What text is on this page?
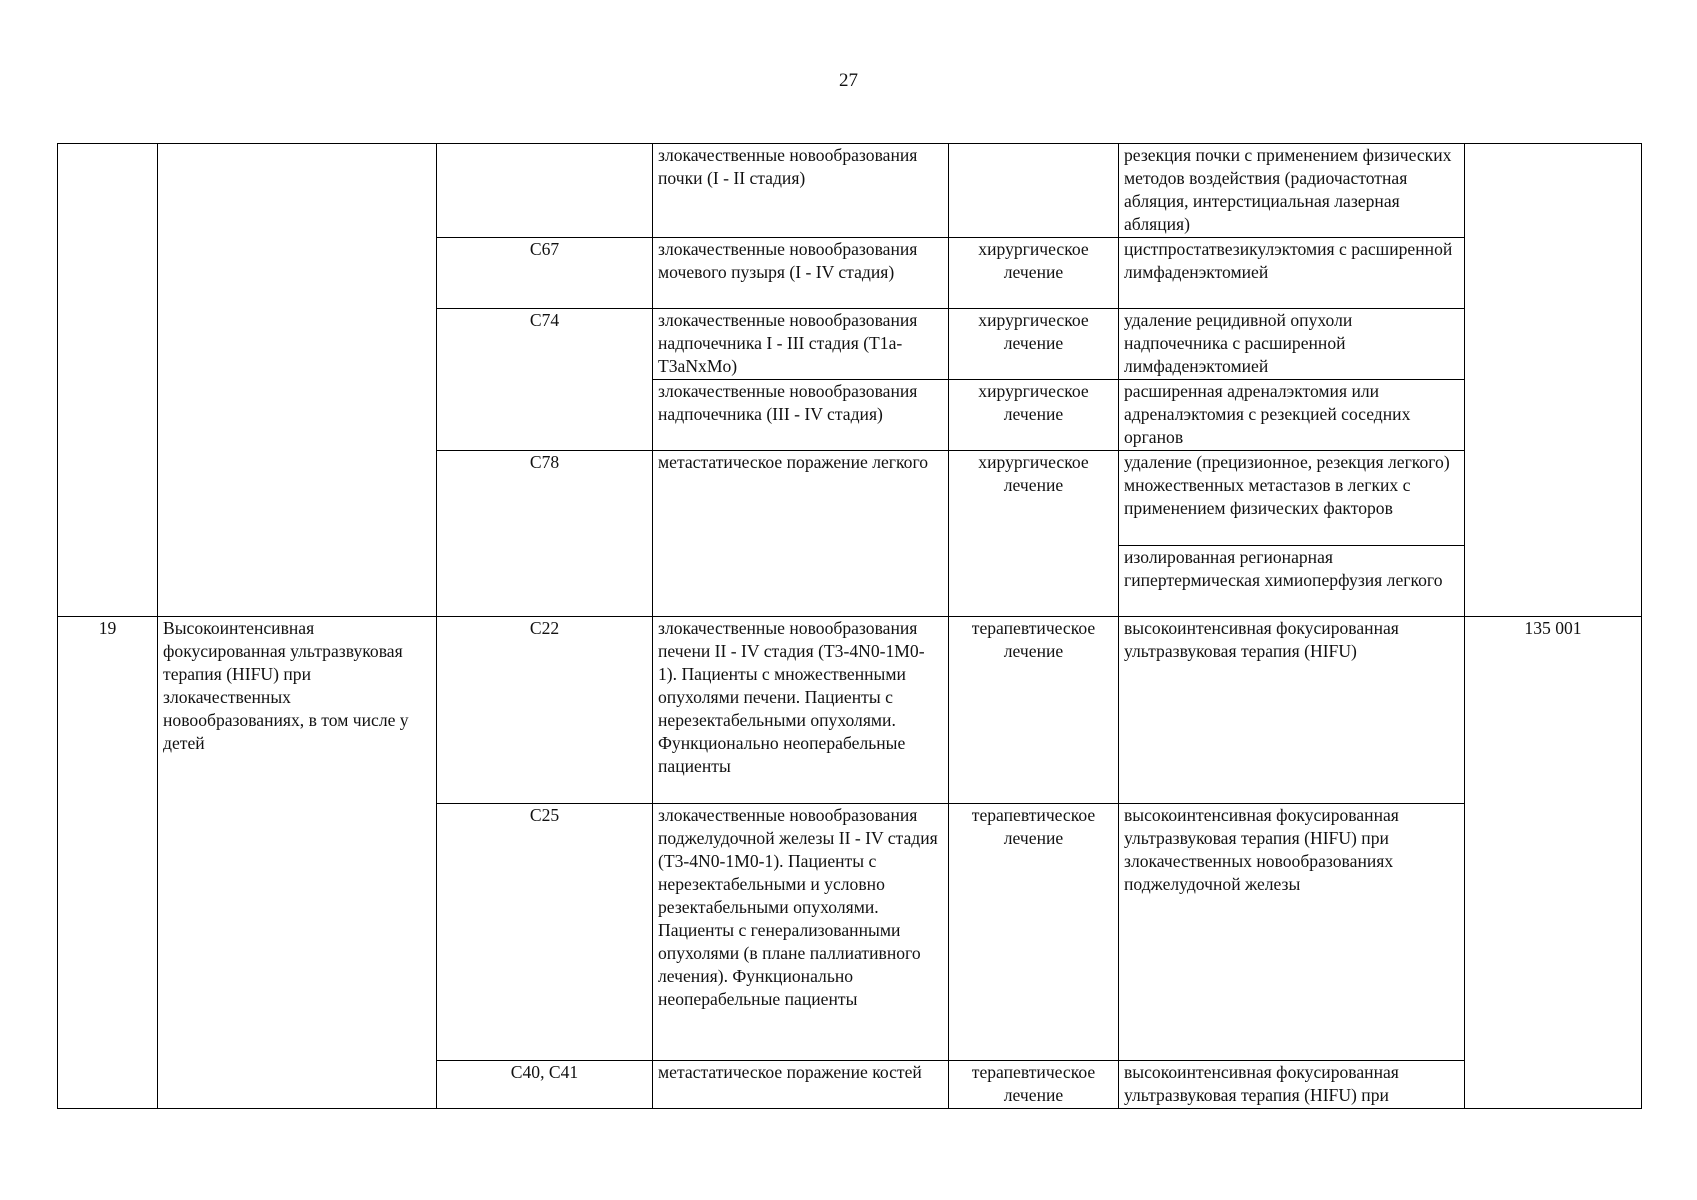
27
			злокачественные новообразования почки (I - II стадия)		резекция почки с применением физических методов воздействия (радиочастотная абляция, интерстициальная лазерная абляция)	
		C67	злокачественные новообразования мочевого пузыря (I - IV стадия)	хирургическое лечение	цистпростатвезикулэктомия с расширенной лимфаденэктомией	
		C74	злокачественные новообразования надпочечника I - III стадия (T1a-T3aNxMo)	хирургическое лечение	удаление рецидивной опухоли надпочечника с расширенной лимфаденэктомией	
			злокачественные новообразования надпочечника (III - IV стадия)	хирургическое лечение	расширенная адреналэктомия или адреналэктомия с резекцией соседних органов	
		C78	метастатическое поражение легкого	хирургическое лечение	удаление (прецизионное, резекция легкого) множественных метастазов в легких с применением физических факторов	
					изолированная регионарная гипертермическая химиоперфузия легкого	
19	Высокоинтенсивная фокусированная ультразвуковая терапия (HIFU) при злокачественных новообразованиях, в том числе у детей	C22	злокачественные новообразования печени II - IV стадия (T3-4N0-1M0-1). Пациенты с множественными опухолями печени. Пациенты с нерезектабельными опухолями. Функционально неоперабельные пациенты	терапевтическое лечение	высокоинтенсивная фокусированная ультразвуковая терапия (HIFU)	135 001
		C25	злокачественные новообразования поджелудочной железы II - IV стадия (T3-4N0-1M0-1). Пациенты с нерезектабельными и условно резектабельными опухолями. Пациенты с генерализованными опухолями (в плане паллиативного лечения). Функционально неоперабельные пациенты	терапевтическое лечение	высокоинтенсивная фокусированная ультразвуковая терапия (HIFU) при злокачественных новообразованиях поджелудочной железы	
		C40, C41	метастатическое поражение костей	терапевтическое лечение	высокоинтенсивная фокусированная ультразвуковая терапия (HIFU) при	
